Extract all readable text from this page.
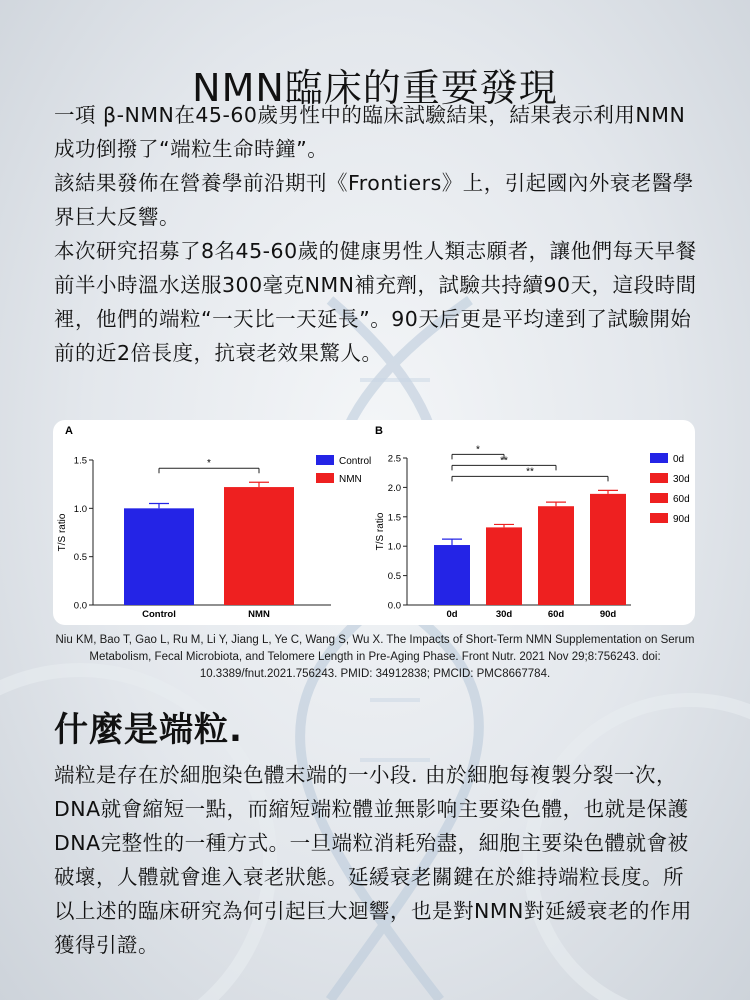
NMN臨床的重要發現

一項 β-NMN在45-60歲男性中的臨床試驗結果，結果表示利用NMN成功倒撥了“端粒生命時鐘”。

該結果發佈在營養學前沿期刊《Frontiers》上，引起國內外衰老醫學界巨大反響。

本次研究招募了8名45-60歲的健康男性人類志願者，讓他們每天早餐前半小時溫水送服300毫克NMN補充劑，試驗共持續90天，這段時間裡，他們的端粒“一天比一天延長”。90天后更是平均達到了試驗開始前的近2倍長度，抗衰老效果驚人。

A
0.0
0.5
1.0
1.5
T/S ratio
Control	NMN
*	Control
NMN
B
0.0
0.5
1.0
1.5
2.0
2.5
T/S ratio
0d	30d	60d	90d
*
**
**
0d
30d
60d
90d
Niu KM, Bao T, Gao L, Ru M, Li Y, Jiang L, Ye C, Wang S, Wu X. The Impacts of Short-Term NMN Supplementation on Serum Metabolism, Fecal Microbiota, and Telomere Length in Pre-Aging Phase. Front Nutr. 2021 Nov 29;8:756243. doi: 10.3389/fnut.2021.756243. PMID: 34912838; PMCID: PMC8667784.
什麼是端粒.

端粒是存在於細胞染色體末端的一小段. 由於細胞每複製分裂一次，DNA就會縮短一點，而縮短端粒體並無影响主要染色體，也就是保護DNA完整性的一種方式。一旦端粒消耗殆盡，細胞主要染色體就會被破壞，人體就會進入衰老狀態。延緩衰老關鍵在於維持端粒長度。所以上述的臨床研究為何引起巨大迴響，也是對NMN對延緩衰老的作用獲得引證。
